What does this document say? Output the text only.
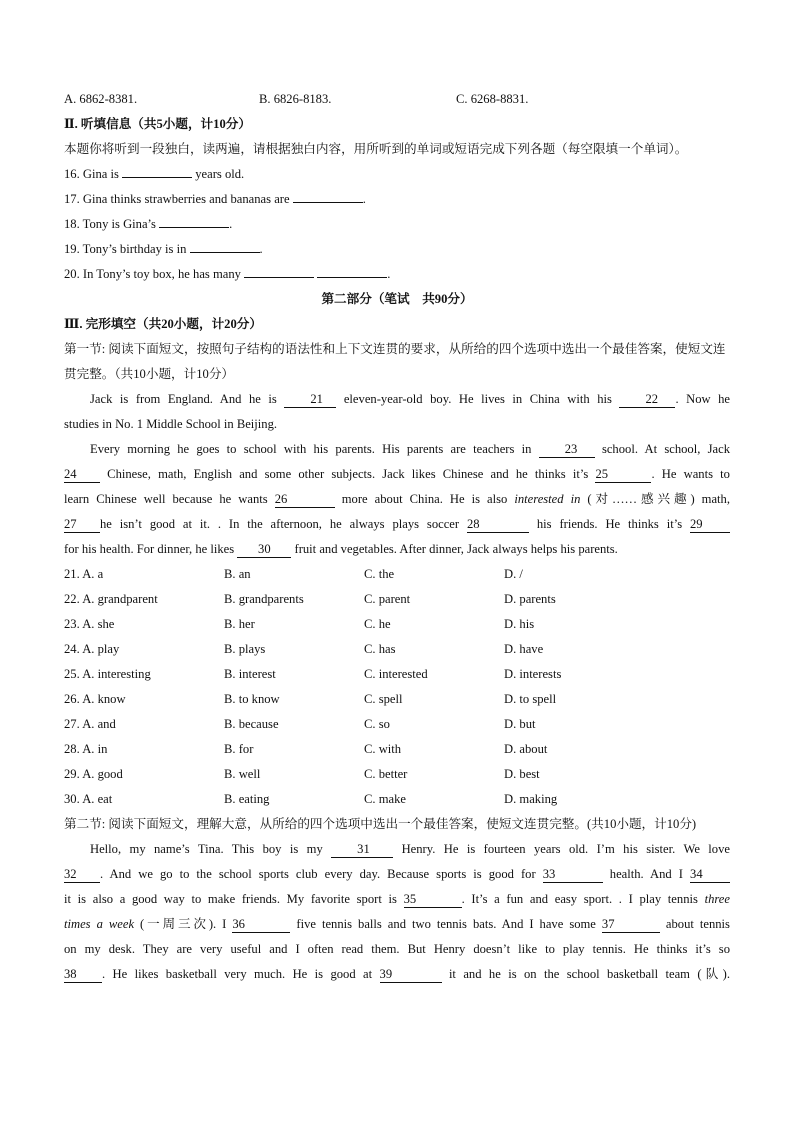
A. 6862-8381.	B. 6826-8183.	C. 6268-8831.
Ⅱ. 听填信息（共5小题，计10分）
本题你将听到一段独白，读两遍，请根据独白内容，用所听到的单词或短语完成下列各题（每空限填一个单词）。
16. Gina is	years old.
17. Gina thinks strawberries and bananas are	.
18. Tony is Gina’s	.
19. Tony’s birthday is in	.
20. In Tony’s toy box, he has many	.
第二部分（笔试　共90分）
Ⅲ. 完形填空（共20小题，计20分）
第一节: 阅读下面短文，按照句子结构的语法性和上下文连贯的要求，从所给的四个选项中选出一个最佳答案，使短文连贯完整。（共10小题，计10分）
Jack is from England. And he is	21 eleven-year-old boy. He lives in China with his	22 . Now he
studies in No. 1 Middle School in Beijing.
Every morning he goes to school with his parents. His parents are teachers in	23 school. At school, Jack
24 Chinese, math, English and some other subjects. Jack likes Chinese and he thinks it’s 25	. He wants to
learn Chinese well because he wants 26	more about China. He is also interested in (对……感兴趣) math,
27 he isn’t good at it. . In the afternoon, he always plays soccer 28	his friends. He thinks it’s 29
for his health. For dinner, he likes 30 fruit and vegetables. After dinner, Jack always helps his parents.
21. A. a	B. an	C. the	D. /
22. A. grandparent	B. grandparents	C. parent	D. parents
23. A. she	B. her	C. he	D. his
24. A. play	B. plays	C. has	D. have
25. A. interesting	B. interest	C. interested	D. interests
26. A. know	B. to know	C. spell	D. to spell
27. A. and	B. because	C. so	D. but
28. A. in	B. for	C. with	D. about
29. A. good	B. well	C. better	D. best
30. A. eat	B. eating	C. make	D. making
第二节: 阅读下面短文，理解大意，从所给的四个选项中选出一个最佳答案，使短文连贯完整。(共10小题，计10分)
Hello, my name’s Tina. This boy is my	31	Henry. He is fourteen years old. I’m his sister. We love
32 . And we go to the school sports club every day. Because sports is good for 33	health. And I 34
it is also a good way to make friends. My favorite sport is 35	. It’s a fun and easy sport. . I play tennis three
times a week (一周三次). I 36	five tennis balls and two tennis bats. And I have some 37	about tennis
on my desk. They are very useful and I often read them. But Henry doesn’t like to play tennis. He thinks it’s so
38 . He likes basketball very much. He is good at 39	it and he is on the school basketball team (队).
